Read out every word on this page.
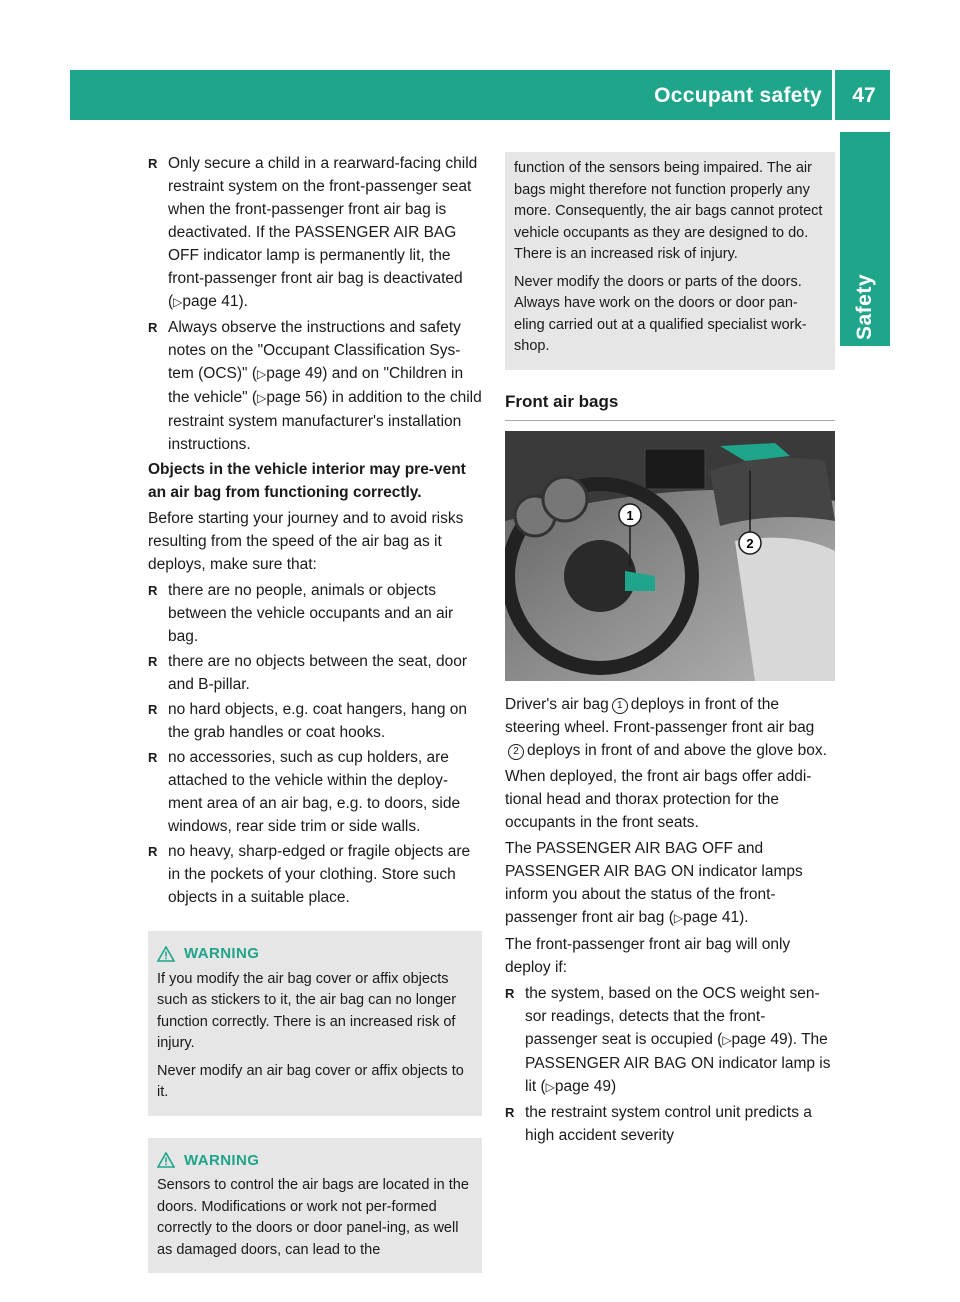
Occupant safety	47
Safety
R Only secure a child in a rearward-facing child restraint system on the front-passenger seat when the front-passenger front air bag is deactivated. If the PASSENGER AIR BAG OFF indicator lamp is permanently lit, the front-passenger front air bag is deactivated (▷page 41).
R Always observe the instructions and safety notes on the "Occupant Classification Sys-tem (OCS)" (▷page 49) and on "Children in the vehicle" (▷page 56) in addition to the child restraint system manufacturer's installation instructions.

Objects in the vehicle interior may pre-vent an air bag from functioning correctly.

Before starting your journey and to avoid risks resulting from the speed of the air bag as it deploys, make sure that:

R there are no people, animals or objects between the vehicle occupants and an air bag.
R there are no objects between the seat, door and B-pillar.
R no hard objects, e.g. coat hangers, hang on the grab handles or coat hooks.
R no accessories, such as cup holders, are attached to the vehicle within the deploy-ment area of an air bag, e.g. to doors, side windows, rear side trim or side walls.
R no heavy, sharp-edged or fragile objects are in the pockets of your clothing. Store such objects in a suitable place.
WARNING

If you modify the air bag cover or affix objects such as stickers to it, the air bag can no longer function correctly. There is an increased risk of injury.

Never modify an air bag cover or affix objects to it.

WARNING

Sensors to control the air bags are located in the doors. Modifications or work not per-formed correctly to the doors or door panel-ing, as well as damaged doors, can lead to the

function of the sensors being impaired. The air bags might therefore not function properly any more. Consequently, the air bags cannot protect vehicle occupants as they are designed to do. There is an increased risk of injury.

Never modify the doors or parts of the doors. Always have work on the doors or door pan-eling carried out at a qualified specialist work-shop.

Front air bags
1
2

Driver's air bag 1 deploys in front of the steering wheel. Front-passenger front air bag2 deploys in front of and above the glove box.

When deployed, the front air bags offer addi-tional head and thorax protection for the occupants in the front seats.

The PASSENGER AIR BAG OFF and PASSENGER AIR BAG ON indicator lamps inform you about the status of the front-passenger front air bag (▷page 41).

The front-passenger front air bag will only deploy if:

R the system, based on the OCS weight sen-sor readings, detects that the front-passenger seat is occupied (▷page 49). The PASSENGER AIR BAG ON indicator lamp is lit (▷page 49)
R the restraint system control unit predicts a high accident severity
